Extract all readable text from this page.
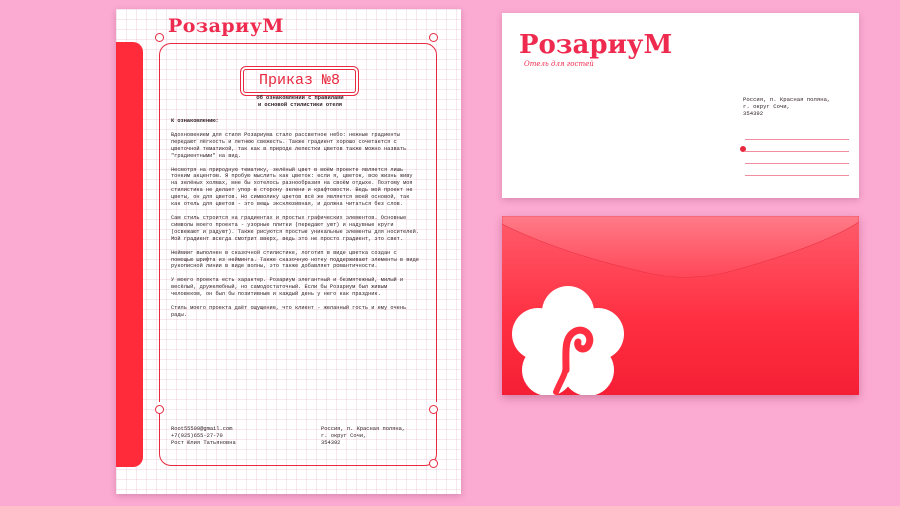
РозариуМ
Приказ №8
Об ознакомлении с правилами
и основой стилистики отеля

К ознакомлению:

Вдохновением для стиля Розариума стало рассветное небо: нежные градиенты передают лёгкость и летнюю свежесть. Также градиент хорошо сочетается с цветочной тематикой, так как в природе лепестки цветов также можно назвать "градиентными" на вид.

Несмотря на природную тематику, зелёный цвет в моём проекте является лишь тонким акцентом. Я пробую мыслить как цветок: если я, цветок, всю жизнь живу на зелёных холмах, мне бы хотелось разнообразия на своём отдыхе. Поэтому моя стилистика не делает упор в сторону зелени и крафтовости. Ведь мой проект не цветы, он для цветов. Но символику цветов всё же является моей основой, так как отель для цветов - это вещь эксклюзивная, и должна читаться без слов.

Сам стиль строится на градиентах и простых графических элементов. Основные символы моего проекта - узорные плитки (передают уют) и надувные круги (освежают и радуют). Также рисуются простые уникальные элементы для носителей. Мой градиент всегда смотрит вверх, ведь это не просто градиент, это свет.

Неймииг выполнен в сказочной стилистике, логотип в виде цветка создан с помощью шрифта из нейминга. Также сказочную нотку поддерживают элементы в виде рукописной линии в виде волны, это также добавляет романтичности.

У моего проекта есть характер. Розариум элегантный и безмятежный, милый и весёлый, дружелюбный, но самодостаточный. Если бы Розариум был живым человеком, он был бы позитивным и каждый день у него как праздник.

Стиль моего проекта даёт ощущение, что клиент - желанный гость и ему очень рады.

Root55509@gmail.com
+7(925)655-27-70
Рост Юлия Татьяновна
Россия, п. Красная поляна,
г. округ Сочи,
354392
РозариуМ
Отель для гостей
Россия, п. Красная поляна,
г. округ Сочи,
354392
